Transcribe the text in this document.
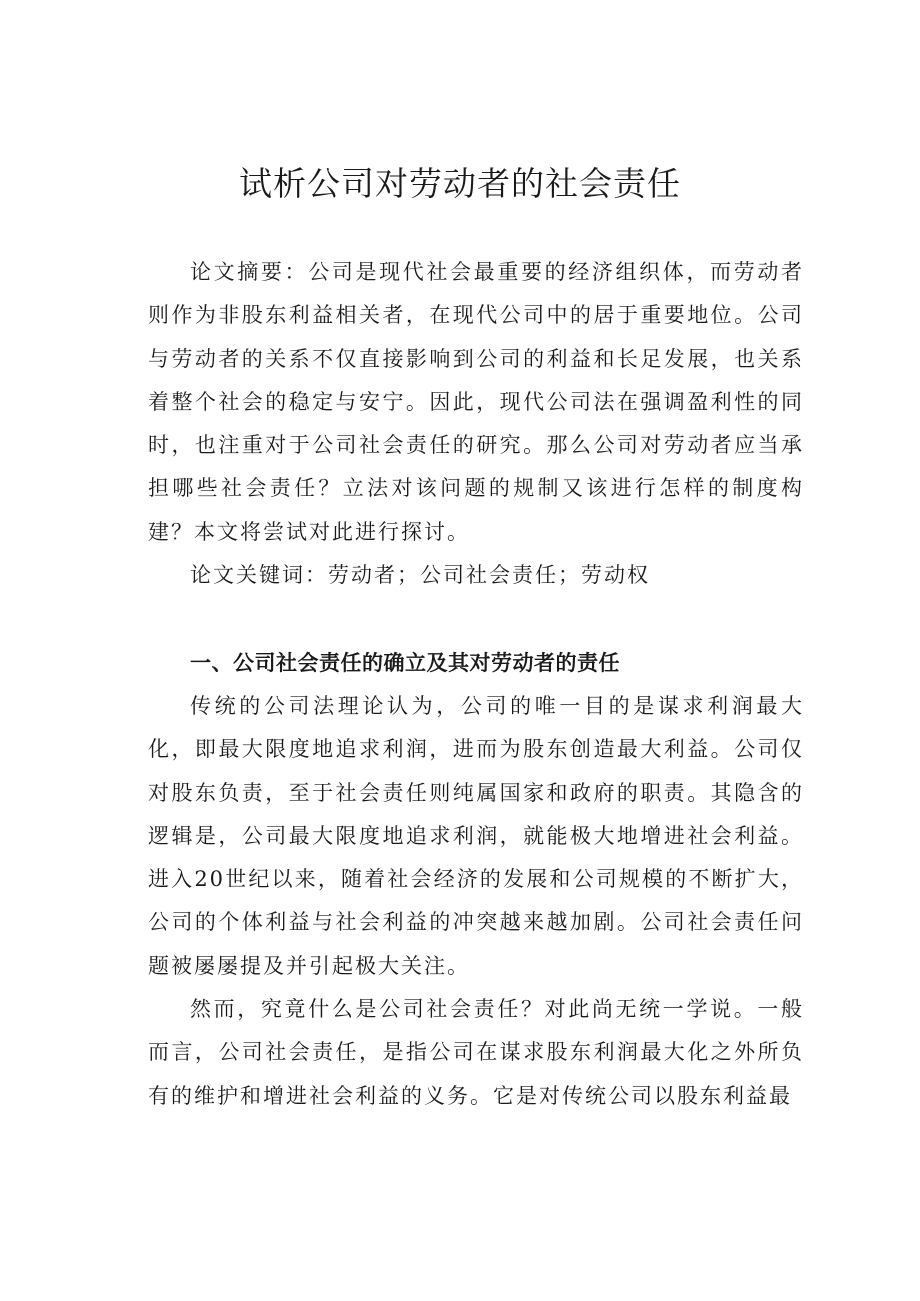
试析公司对劳动者的社会责任

论文摘要：公司是现代社会最重要的经济组织体，而劳动者则作为非股东利益相关者，在现代公司中的居于重要地位。公司与劳动者的关系不仅直接影响到公司的利益和长足发展，也关系着整个社会的稳定与安宁。因此，现代公司法在强调盈利性的同时，也注重对于公司社会责任的研究。那么公司对劳动者应当承担哪些社会责任？立法对该问题的规制又该进行怎样的制度构建？本文将尝试对此进行探讨。

论文关键词：劳动者；公司社会责任；劳动权

一、公司社会责任的确立及其对劳动者的责任

传统的公司法理论认为，公司的唯一目的是谋求利润最大化，即最大限度地追求利润，进而为股东创造最大利益。公司仅对股东负责，至于社会责任则纯属国家和政府的职责。其隐含的逻辑是，公司最大限度地追求利润，就能极大地增进社会利益。进入20世纪以来，随着社会经济的发展和公司规模的不断扩大，公司的个体利益与社会利益的冲突越来越加剧。公司社会责任问题被屡屡提及并引起极大关注。

然而，究竟什么是公司社会责任？对此尚无统一学说。一般而言，公司社会责任，是指公司在谋求股东利润最大化之外所负有的维护和增进社会利益的义务。它是对传统公司以股东利益最
